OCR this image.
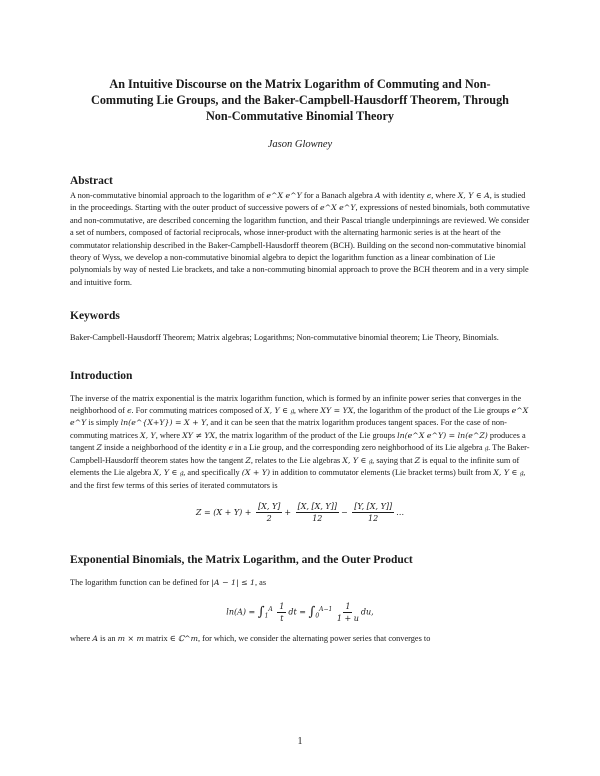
An Intuitive Discourse on the Matrix Logarithm of Commuting and Non-Commuting Lie Groups, and the Baker-Campbell-Hausdorff Theorem, Through Non-Commutative Binomial Theory
Jason Glowney
Abstract

A non-commutative binomial approach to the logarithm of e^X e^Y for a Banach algebra A with identity ϵ, where X, Y ∈ A, is studied in the proceedings. Starting with the outer product of successive powers of e^X e^Y, expressions of nested binomials, both commutative and non-commutative, are described concerning the logarithm function, and their Pascal triangle underpinnings are reviewed. We consider a set of numbers, composed of factorial reciprocals, whose inner-product with the alternating harmonic series is at the heart of the commutator relationship described in the Baker-Campbell-Hausdorff theorem (BCH). Building on the second non-commutative binomial theory of Wyss, we develop a non-commutative binomial algebra to depict the logarithm function as a linear combination of Lie polynomials by way of nested Lie brackets, and take a non-commuting binomial approach to prove the BCH theorem and in a very simple and intuitive form.

Keywords

Baker-Campbell-Hausdorff Theorem; Matrix algebras; Logarithms; Non-commutative binomial theorem; Lie Theory, Binomials.

Introduction

The inverse of the matrix exponential is the matrix logarithm function, which is formed by an infinite power series that converges in the neighborhood of ϵ. For commuting matrices composed of X, Y ∈ 𝔤, where XY = YX, the logarithm of the product of the Lie groups e^X e^Y is simply ln(e^{X+Y}) = X + Y, and it can be seen that the matrix logarithm produces tangent spaces. For the case of non-commuting matrices X, Y, where XY ≠ YX, the matrix logarithm of the product of the Lie groups ln(e^X e^Y) = ln(e^Z) produces a tangent Z inside a neighborhood of the identity ϵ in a Lie group, and the corresponding zero neighborhood of its Lie algebra 𝔤. The Baker-Campbell-Hausdorff theorem states how the tangent Z, relates to the Lie algebras X, Y ∈ 𝔤, saying that Z is equal to the infinite sum of elements the Lie algebra X, Y ∈ 𝔤, and specifically (X + Y) in addition to commutator elements (Lie bracket terms) built from X, Y ∈ 𝔤, and the first few terms of this series of iterated commutators is

$Z = (X + Y) + \frac{[X, Y]}{2} + \frac{[X, [X, Y]]}{12} - \frac{[Y, [X, Y]]}{12}$ …
Exponential Binomials, the Matrix Logarithm, and the Outer Product

The logarithm function can be defined for |A − 1| ≤ 1, as

$\ln(A) = \int_1^A \frac{1}{t}$ dt = $\int_0^{A-1} \frac{1}{1 + u}$ du,

where A is an m × m matrix ∈ ℂ^m, for which, we consider the alternating power series that converges to

1
